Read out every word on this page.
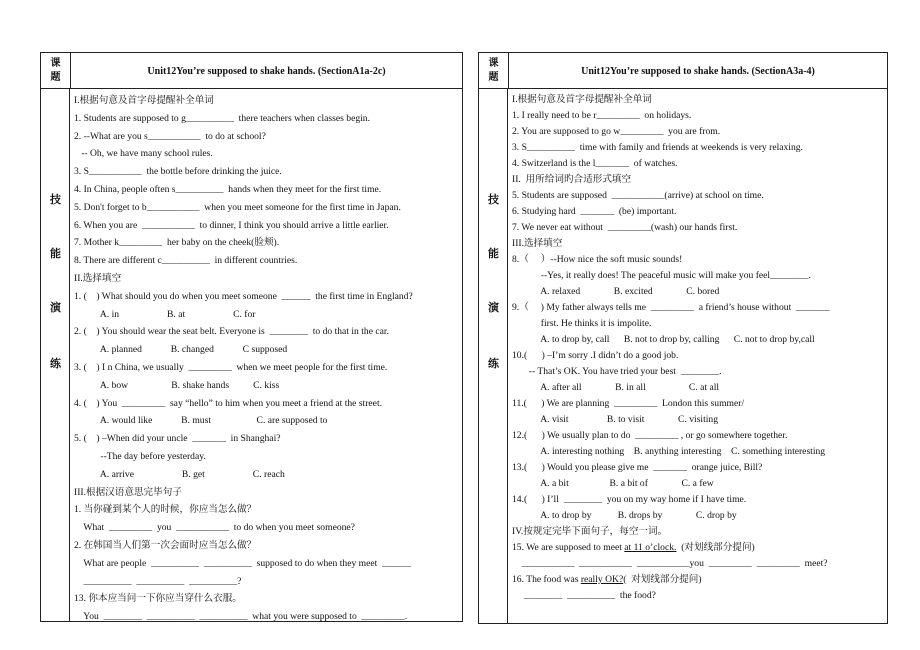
课
题
Unit12You’re supposed to shake hands. (SectionA1a-2c)
技
能
演
练
I.根据句意及首字母提醒补全单词
1. Students are supposed to g__________  there teachers when classes begin.
2. --What are you s___________  to do at school?
-- Oh, we have many school rules.
3. S___________  the bottle before drinking the juice.
4. In China, people often s__________  hands when they meet for the first time.
5. Don't forget to b___________  when you meet someone for the first time in Japan.
6. When you are  ___________  to dinner, I think you should arrive a little earlier.
7. Mother k_________  her baby on the cheek(脸颊).
8. There are different c__________  in different countries.
II.选择填空
1. (    ) What should you do when you meet someone  ______  the first time in England?
A. in                    B. at                    C. for
2. (    ) You should wear the seat belt. Everyone is  ________  to do that in the car.
A. planned            B. changed            C supposed
3. (    ) I n China, we usually  _________  when we meet people for the first time.
A. bow                  B. shake hands          C. kiss
4. (    ) You  _________  say “hello” to him when you meet a friend at the street.
A. would like            B. must                   C. are supposed to
5. (    ) –When did your uncle  _______  in Shanghai?
--The day before yesterday.
A. arrive                    B. get                    C. reach
III.根据汉语意思完毕句子
1. 当你碰到某个人的时候，你应当怎么做？
What  _________  you  ___________  to do when you meet someone?
2. 在韩国当人们第一次会面时应当怎么做？
What are people  __________  __________  supposed to do when they meet  ______
__________  __________  __________?
13. 你本应当问一下你应当穿什么衣服。
You  ________  __________  __________  what you were supposed to  _________.
课
题
Unit12You’re supposed to shake hands. (SectionA3a-4)
技
能
演
练
I.根据句意及首字母提醒补全单词
1. I really need to be r_________  on holidays.
2. You are supposed to go w_________  you are from.
3. S__________  time with family and friends at weekends is very relaxing.
4. Switzerland is the l_______  of watches.
II.  用所给词旳合适形式填空
5. Students are supposed  ___________(arrive) at school on time.
6. Studying hard  _______  (be) important.
7. We never eat without  _________(wash) our hands first.
III.选择填空
8.（     ）--How nice the soft music sounds!
--Yes, it really does! The peaceful music will make you feel________.
A. relaxed              B. excited              C. bored
9.（     ) My father always tells me  _________  a friend’s house without  _______
first. He thinks it is impolite.
A. to drop by, call      B. not to drop by, calling      C. not to drop by,call
10.(      ) –I’m sorry .I didn’t do a good job.
-- That’s OK. You have tried your best  ________.
A. after all              B. in all                  C. at all
11.(      ) We are planning  _________  London this summer/
A. visit                B. to visit              C. visiting
12.(      ) We usually plan to do  _________ , or go somewhere together.
A. interesting nothing    B. anything interesting    C. something interesting
13.(      ) Would you please give me  _______  orange juice, Bill?
A. a bit                 B. a bit of              C. a few
14.(      ) I’ll  ________  you on my way home if I have time.
A. to drop by           B. drops by              C. drop by
IV.按规定完毕下面句子，每空一词。
15. We are supposed to meet at 11 o’clock.  (对划线部分提问)
___________  ___________  ___________you  _________  _________  meet?
16. The food was really OK?(  对划线部分提问)
________  __________  the food?
